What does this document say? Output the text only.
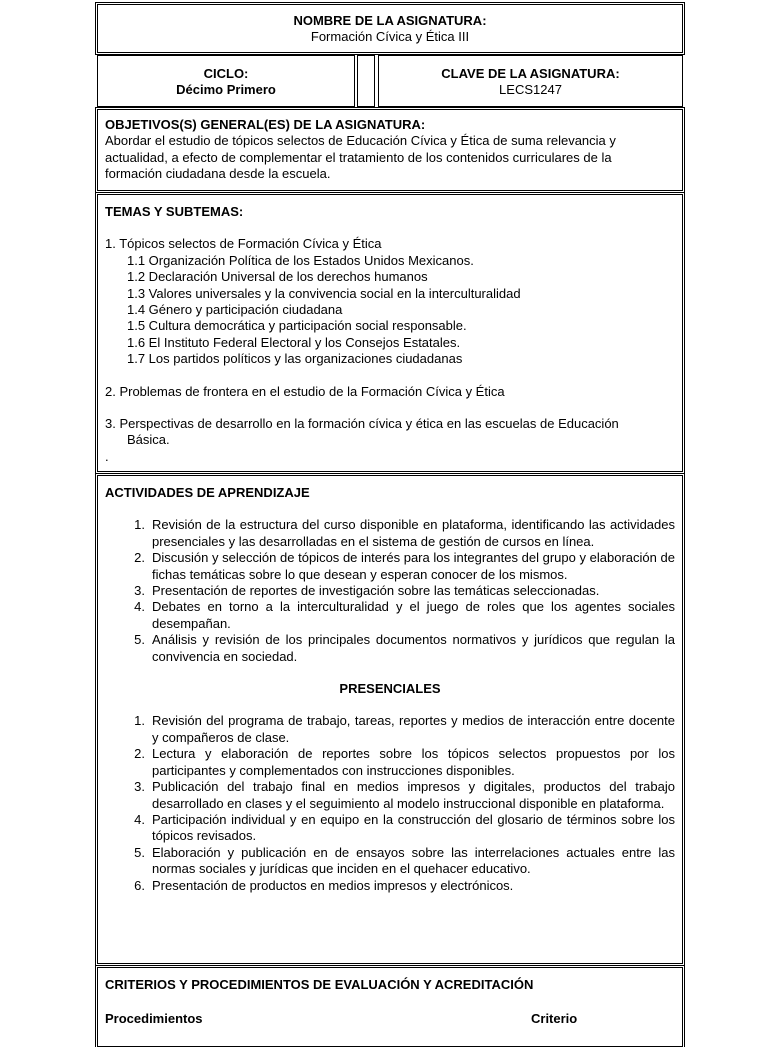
NOMBRE DE LA ASIGNATURA:
Formación Cívica y Ética III
CICLO:
Décimo Primero
CLAVE DE LA ASIGNATURA:
LECS1247
OBJETIVOS(S) GENERAL(ES) DE LA ASIGNATURA:
Abordar el estudio de tópicos selectos de Educación Cívica y Ética de suma relevancia y
actualidad, a efecto de complementar el tratamiento de los contenidos curriculares de la
formación ciudadana desde la escuela.
TEMAS Y SUBTEMAS:
1. Tópicos selectos de Formación Cívica y Ética
1.1 Organización Política de los Estados Unidos Mexicanos.
1.2 Declaración Universal de los derechos humanos
1.3 Valores universales y la convivencia social en la interculturalidad
1.4 Género y participación ciudadana
1.5 Cultura democrática y participación social responsable.
1.6 El Instituto Federal Electoral y los Consejos Estatales.
1.7 Los partidos políticos y las organizaciones ciudadanas
2. Problemas de frontera en el estudio de la Formación Cívica y Ética
3. Perspectivas de desarrollo en la formación cívica y ética en las escuelas de Educación
Básica.
.
ACTIVIDADES DE APRENDIZAJE
1. Revisión de la estructura del curso disponible en plataforma, identificando las actividades presenciales y las desarrolladas en el sistema de gestión de cursos en línea.
2. Discusión y selección de tópicos de interés para los integrantes del grupo y elaboración de fichas temáticas sobre lo que desean y esperan conocer de los mismos.
3. Presentación de reportes de investigación sobre las temáticas seleccionadas.
4. Debates en torno a la interculturalidad y el juego de roles que los agentes sociales desempañan.
5. Análisis y revisión de los principales documentos normativos y jurídicos que regulan la convivencia en sociedad.
PRESENCIALES
1. Revisión del programa de trabajo, tareas, reportes y medios de interacción entre docente y compañeros de clase.
2. Lectura y elaboración de reportes sobre los tópicos selectos propuestos por los participantes y complementados con instrucciones disponibles.
3. Publicación del trabajo final en medios impresos y digitales, productos del trabajo desarrollado en clases y el seguimiento al modelo instruccional disponible en plataforma.
4. Participación individual y en equipo en la construcción del glosario de términos sobre los tópicos revisados.
5. Elaboración y publicación en de ensayos sobre las interrelaciones actuales entre las normas sociales y jurídicas que inciden en el quehacer educativo.
6. Presentación de productos en medios impresos y electrónicos.
CRITERIOS Y PROCEDIMIENTOS DE EVALUACIÓN Y ACREDITACIÓN
Procedimientos	Criterio
